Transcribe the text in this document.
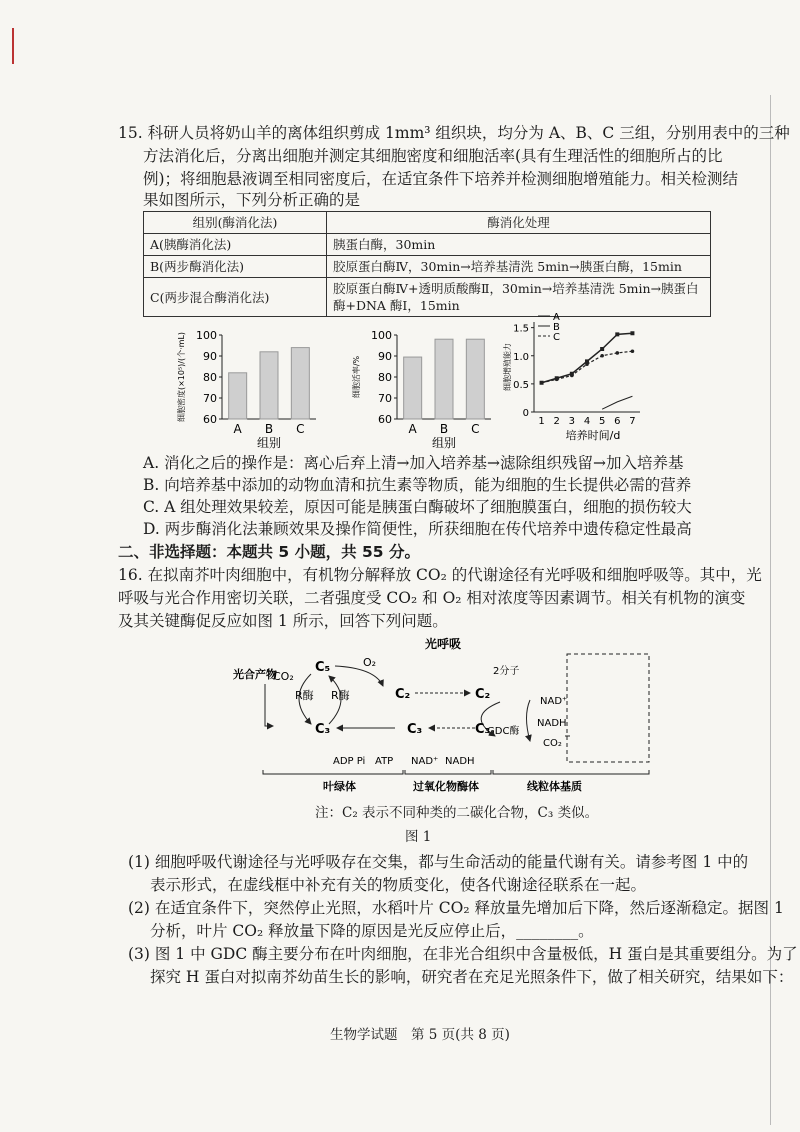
15. 科研人员将奶山羊的离体组织剪成 1mm³ 组织块，均分为 A、B、C 三组，分别用表中的三种
方法消化后，分离出细胞并测定其细胞密度和细胞活率(具有生理活性的细胞所占的比
例)；将细胞悬液调至相同密度后，在适宜条件下培养并检测细胞增殖能力。相关检测结
果如图所示，下列分析正确的是
组别(酶消化法)	酶消化处理
A(胰酶消化法)	胰蛋白酶，30min
B(两步酶消化法)	胶原蛋白酶Ⅳ，30min→培养基清洗 5min→胰蛋白酶，15min
C(两步混合酶消化法)	胶原蛋白酶Ⅳ+透明质酸酶Ⅱ，30min→培养基清洗 5min→胰蛋白酶+DNA 酶Ⅰ，15min
60
70
80
90
100
A B C
组别
细胞密度(×10⁵)/(个·mL)	60
70
80
90
100
A B C
组别
细胞活率/%
0
0.5
1.0
1.5
1 2 3 4 5 6 7
培养时间/d
细胞增殖能力
A
B
C
A. 消化之后的操作是：离心后弃上清→加入培养基→滤除组织残留→加入培养基
B. 向培养基中添加的动物血清和抗生素等物质，能为细胞的生长提供必需的营养
C. A 组处理效果较差，原因可能是胰蛋白酶破坏了细胞膜蛋白，细胞的损伤较大
D. 两步酶消化法兼顾效果及操作简便性，所获细胞在传代培养中遗传稳定性最高
二、非选择题：本题共 5 小题，共 55 分。
16. 在拟南芥叶肉细胞中，有机物分解释放 CO₂ 的代谢途径有光呼吸和细胞呼吸等。其中，光
呼吸与光合作用密切关联，二者强度受 CO₂ 和 O₂ 相对浓度等因素调节。相关有机物的演变
及其关键酶促反应如图 1 所示，回答下列问题。
光呼吸
光合产物
CO₂
C₅
C₃
O₂
R酶 R酶	C₂	C₂
2分子
GDC酶
C₃	C₃
NAD⁺
NADH
CO₂
ADP Pi ATP NAD⁺ NADH
叶绿体	过氧化物酶体	线粒体基质
注：C₂ 表示不同种类的二碳化合物，C₃ 类似。
图 1
(1) 细胞呼吸代谢途径与光呼吸存在交集，都与生命活动的能量代谢有关。请参考图 1 中的
表示形式，在虚线框中补充有关的物质变化，使各代谢途径联系在一起。
(2) 在适宜条件下，突然停止光照，水稻叶片 CO₂ 释放量先增加后下降，然后逐渐稳定。据图 1
分析，叶片 CO₂ 释放量下降的原因是光反应停止后，________。
(3) 图 1 中 GDC 酶主要分布在叶肉细胞，在非光合组织中含量极低，H 蛋白是其重要组分。为了
探究 H 蛋白对拟南芥幼苗生长的影响，研究者在充足光照条件下，做了相关研究，结果如下：
生物学试题　第 5 页(共 8 页)
